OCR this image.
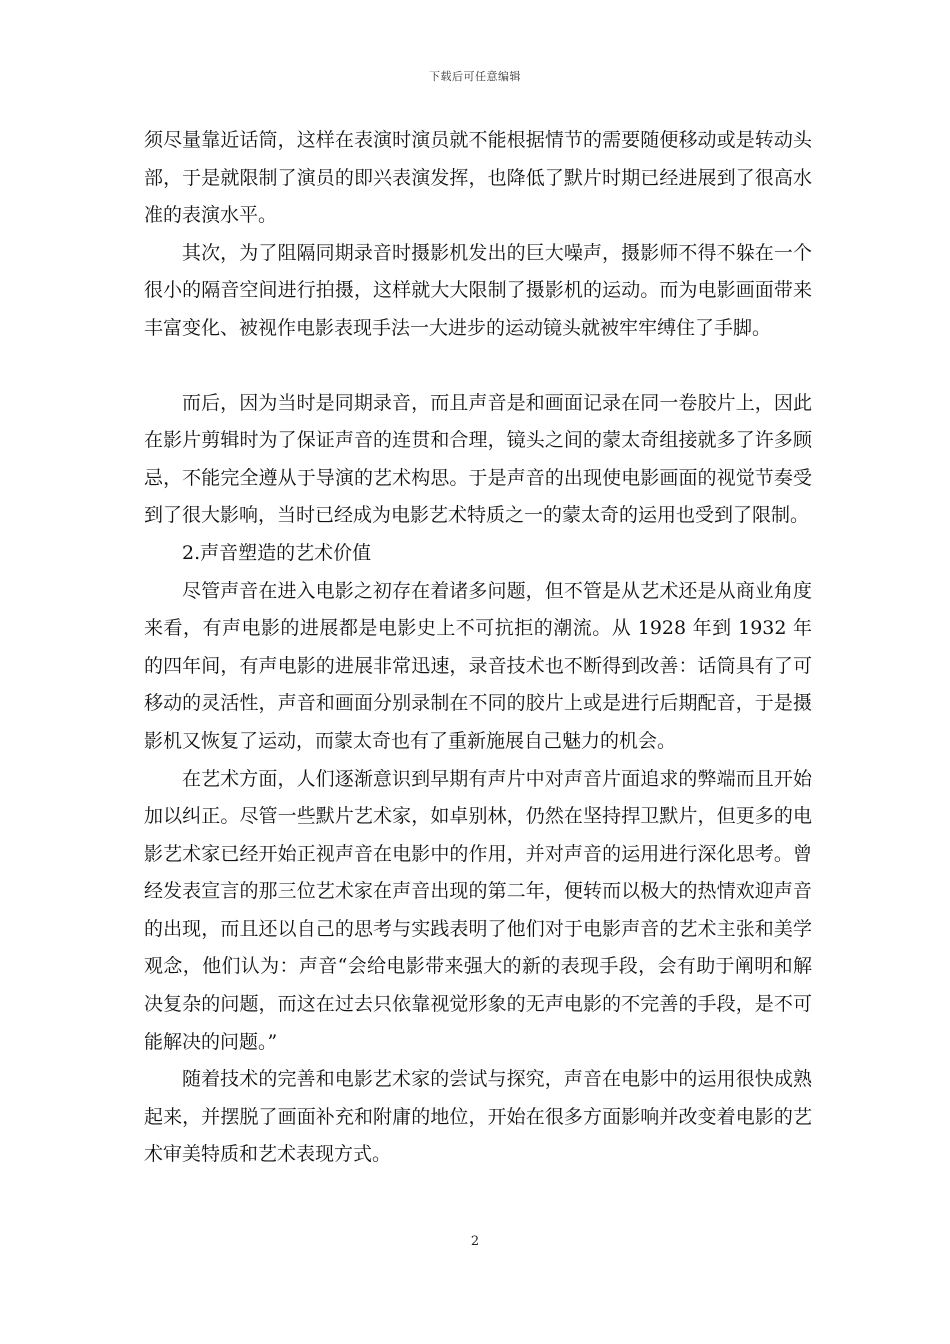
下载后可任意编辑

须尽量靠近话筒，这样在表演时演员就不能根据情节的需要随便移动或是转动头部，于是就限制了演员的即兴表演发挥，也降低了默片时期已经进展到了很高水准的表演水平。

其次，为了阻隔同期录音时摄影机发出的巨大噪声，摄影师不得不躲在一个很小的隔音空间进行拍摄，这样就大大限制了摄影机的运动。而为电影画面带来丰富变化、被视作电影表现手法一大进步的运动镜头就被牢牢缚住了手脚。

而后，因为当时是同期录音，而且声音是和画面记录在同一卷胶片上，因此在影片剪辑时为了保证声音的连贯和合理，镜头之间的蒙太奇组接就多了许多顾忌，不能完全遵从于导演的艺术构思。于是声音的出现使电影画面的视觉节奏受到了很大影响，当时已经成为电影艺术特质之一的蒙太奇的运用也受到了限制。

2.声音塑造的艺术价值

尽管声音在进入电影之初存在着诸多问题，但不管是从艺术还是从商业角度来看，有声电影的进展都是电影史上不可抗拒的潮流。从 1928 年到 1932 年的四年间，有声电影的进展非常迅速，录音技术也不断得到改善：话筒具有了可移动的灵活性，声音和画面分别录制在不同的胶片上或是进行后期配音，于是摄影机又恢复了运动，而蒙太奇也有了重新施展自己魅力的机会。

在艺术方面，人们逐渐意识到早期有声片中对声音片面追求的弊端而且开始加以纠正。尽管一些默片艺术家，如卓别林，仍然在坚持捍卫默片，但更多的电影艺术家已经开始正视声音在电影中的作用，并对声音的运用进行深化思考。曾经发表宣言的那三位艺术家在声音出现的第二年，便转而以极大的热情欢迎声音的出现，而且还以自己的思考与实践表明了他们对于电影声音的艺术主张和美学观念，他们认为：声音“会给电影带来强大的新的表现手段，会有助于阐明和解决复杂的问题，而这在过去只依靠视觉形象的无声电影的不完善的手段，是不可能解决的问题。”

随着技术的完善和电影艺术家的尝试与探究，声音在电影中的运用很快成熟起来，并摆脱了画面补充和附庸的地位，开始在很多方面影响并改变着电影的艺术审美特质和艺术表现方式。

2
